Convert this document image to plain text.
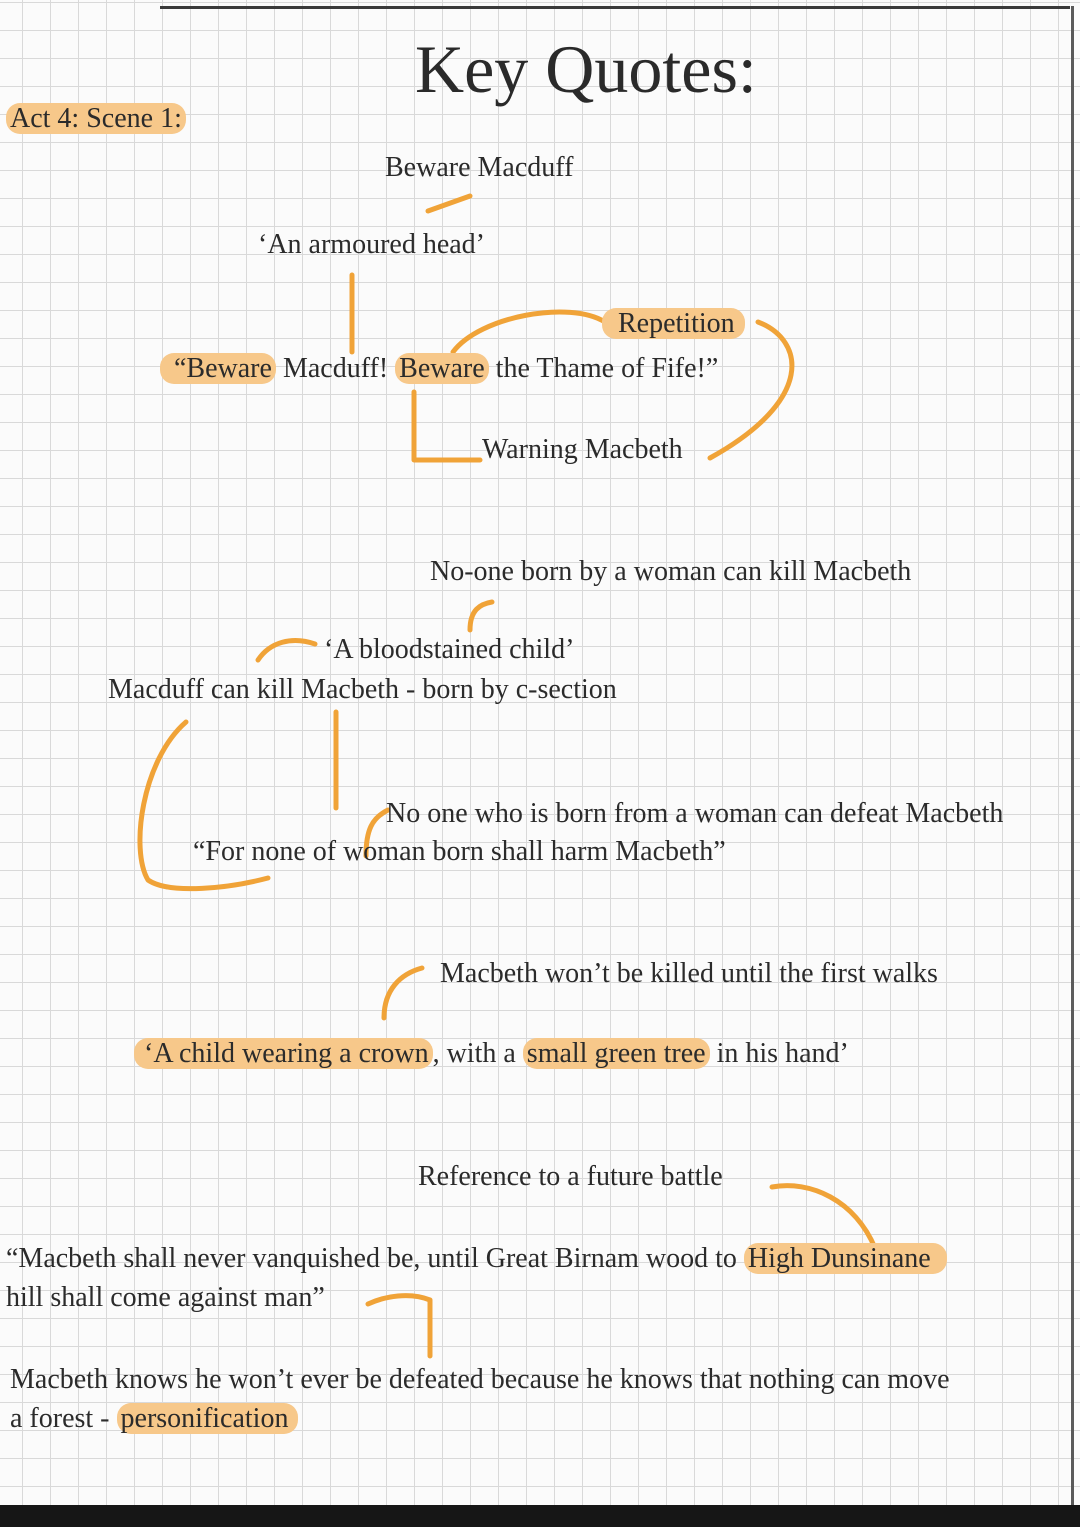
Key Quotes:
Act 4: Scene 1:
Beware Macduff
‘An armoured head’
Repetition
“Beware Macduff! Beware the Thame of Fife!”
Warning Macbeth
No-one born by a woman can kill Macbeth
‘A bloodstained child’
Macduff can kill Macbeth - born by c-section
No one who is born from a woman can defeat Macbeth
“For none of woman born shall harm Macbeth”
Macbeth won’t be killed until the first walks
‘A child wearing a crown , with a small green tree in his hand’
Reference to a future battle
“Macbeth shall never vanquished be, until Great Birnam wood to High Dunsinane
hill shall come against man”
Macbeth knows he won’t ever be defeated because he knows that nothing can move
a forest - personification
